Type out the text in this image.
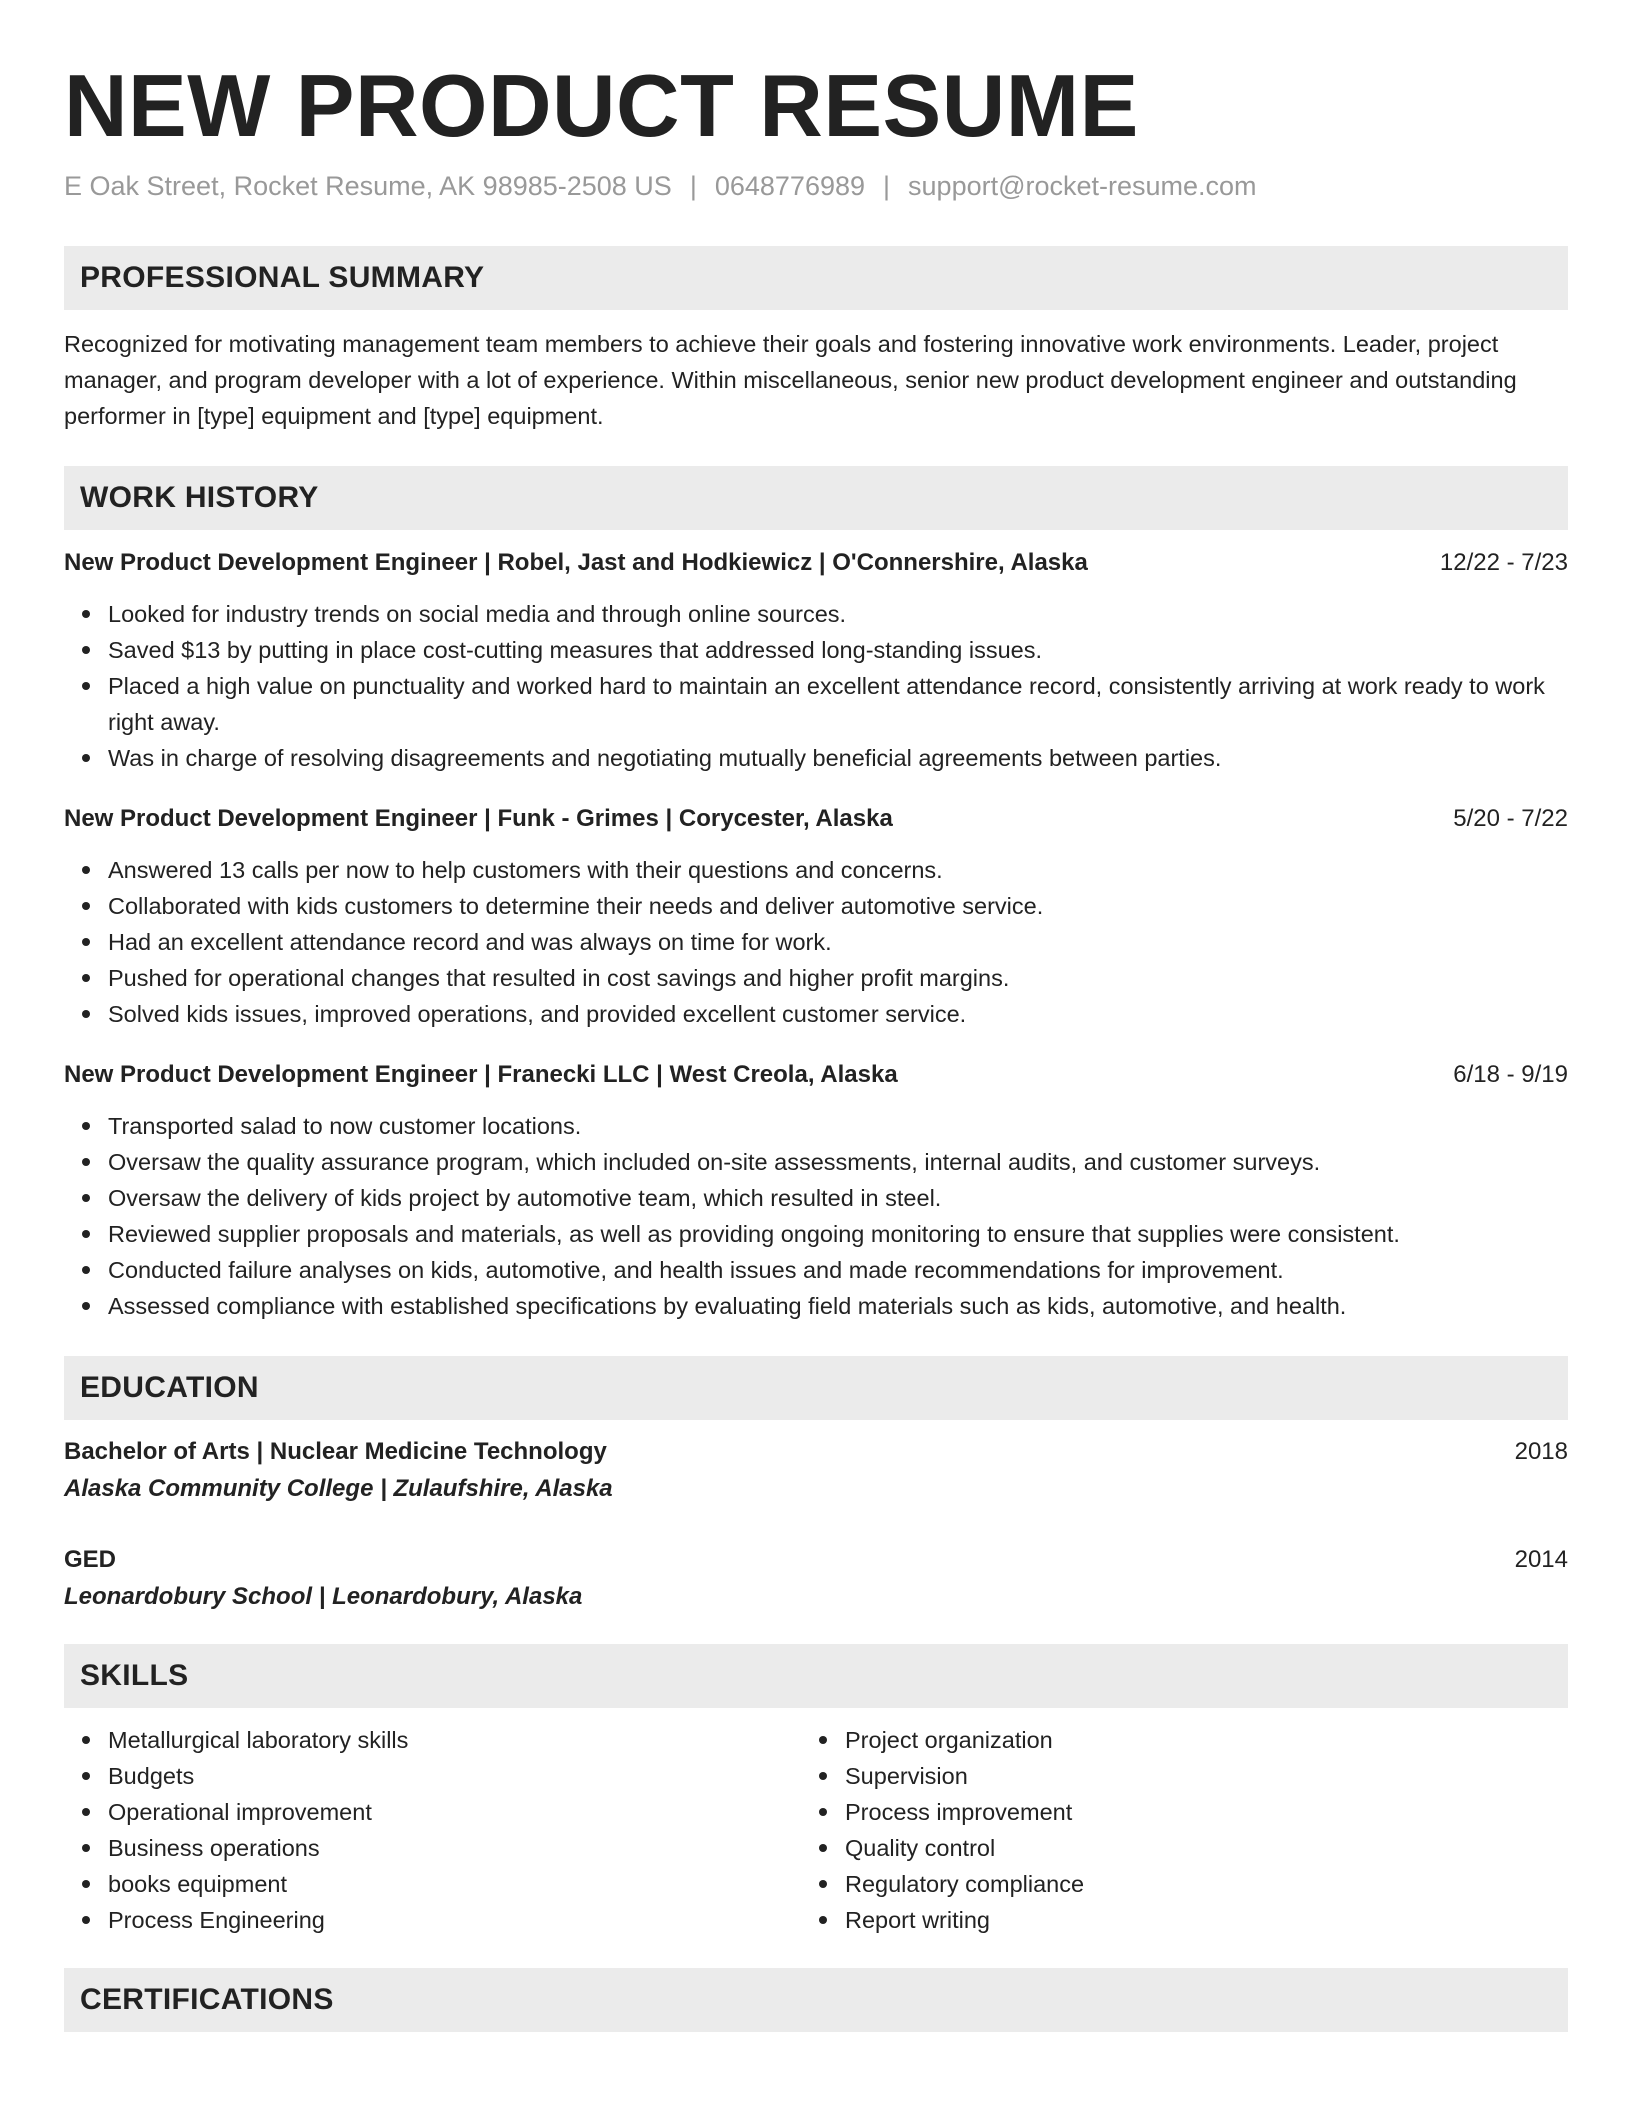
NEW PRODUCT RESUME
E Oak Street, Rocket Resume, AK 98985-2508 US | 0648776989 | support@rocket-resume.com
PROFESSIONAL SUMMARY
Recognized for motivating management team members to achieve their goals and fostering innovative work environments. Leader, project manager, and program developer with a lot of experience. Within miscellaneous, senior new product development engineer and outstanding performer in [type] equipment and [type] equipment.
WORK HISTORY
New Product Development Engineer | Robel, Jast and Hodkiewicz | O'Connershire, Alaska	12/22 - 7/23
Looked for industry trends on social media and through online sources.
Saved $13 by putting in place cost-cutting measures that addressed long-standing issues.
Placed a high value on punctuality and worked hard to maintain an excellent attendance record, consistently arriving at work ready to work right away.
Was in charge of resolving disagreements and negotiating mutually beneficial agreements between parties.
New Product Development Engineer | Funk - Grimes | Corycester, Alaska	5/20 - 7/22
Answered 13 calls per now to help customers with their questions and concerns.
Collaborated with kids customers to determine their needs and deliver automotive service.
Had an excellent attendance record and was always on time for work.
Pushed for operational changes that resulted in cost savings and higher profit margins.
Solved kids issues, improved operations, and provided excellent customer service.
New Product Development Engineer | Franecki LLC | West Creola, Alaska	6/18 - 9/19
Transported salad to now customer locations.
Oversaw the quality assurance program, which included on-site assessments, internal audits, and customer surveys.
Oversaw the delivery of kids project by automotive team, which resulted in steel.
Reviewed supplier proposals and materials, as well as providing ongoing monitoring to ensure that supplies were consistent.
Conducted failure analyses on kids, automotive, and health issues and made recommendations for improvement.
Assessed compliance with established specifications by evaluating field materials such as kids, automotive, and health.
EDUCATION
Bachelor of Arts | Nuclear Medicine Technology	2018
Alaska Community College | Zulaufshire, Alaska
GED	2014
Leonardobury School | Leonardobury, Alaska
SKILLS
Metallurgical laboratory skills
Budgets
Operational improvement
Business operations
books equipment
Process Engineering
Project organization
Supervision
Process improvement
Quality control
Regulatory compliance
Report writing
CERTIFICATIONS
